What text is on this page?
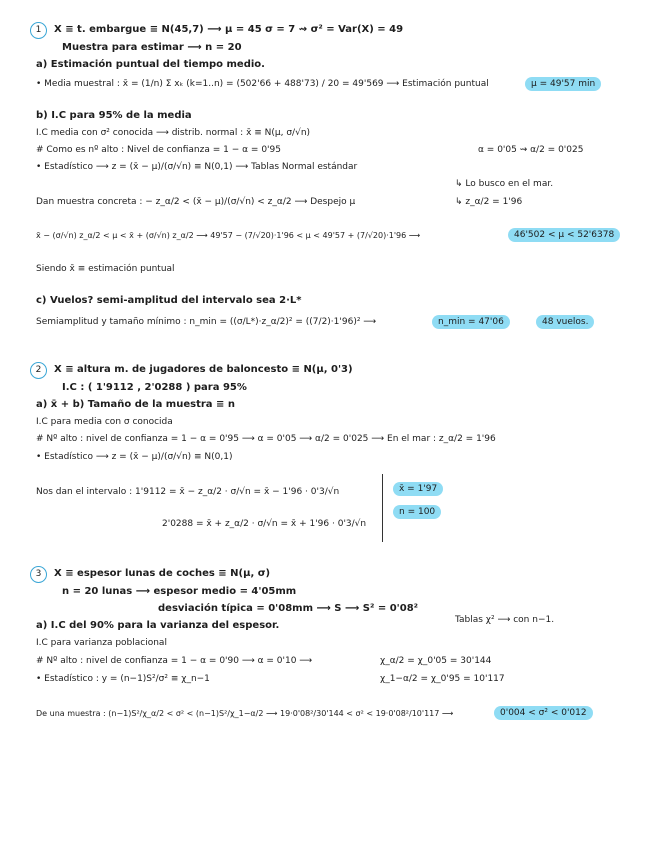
1	X ≡ t. embargue ≡ N(45,7) ⟶ μ = 45 σ = 7 ⇝ σ² = Var(X) = 49
Muestra para estimar ⟶ n = 20
a) Estimación puntual del tiempo medio.
• Media muestral : x̄ = (1/n) Σ xₖ (k=1..n) = (502'66 + 488'73) / 20 = 49'569 ⟶ Estimación puntual	μ = 49'57 min
b) I.C para 95% de la media
I.C media con σ² conocida ⟶ distrib. normal : x̄ ≡ N(μ, σ/√n)
# Como es nº alto : Nivel de confianza = 1 − α = 0'95	α = 0'05 ⇝ α/2 = 0'025
• Estadístico ⟶ z = (x̄ − μ)/(σ/√n) ≡ N(0,1) ⟶ Tablas Normal estándar
↳ Lo busco en el mar.
Dan muestra concreta : − z_α/2 < (x̄ − μ)/(σ/√n) < z_α/2 ⟶ Despejo μ	↳ z_α/2 = 1'96
x̄ − (σ/√n) z_α/2 < μ < x̄ + (σ/√n) z_α/2 ⟶ 49'57 − (7/√20)·1'96 < μ < 49'57 + (7/√20)·1'96 ⟶	46'502 < μ < 52'6378
Siendo x̄ ≡ estimación puntual
c) Vuelos? semi-amplitud del intervalo sea 2·L*
Semiamplitud y tamaño mínimo : n_min = ((σ/L*)·z_α/2)² = ((7/2)·1'96)² ⟶	n_min = 47'06	48 vuelos.
2	X ≡ altura m. de jugadores de baloncesto ≡ N(μ, 0'3)
I.C : ( 1'9112 , 2'0288 ) para 95%
a) x̄ + b) Tamaño de la muestra ≡ n
I.C para media con σ conocida
# Nº alto : nivel de confianza = 1 − α = 0'95 ⟶ α = 0'05 ⟶ α/2 = 0'025 ⟶ En el mar : z_α/2 = 1'96
• Estadístico ⟶ z = (x̄ − μ)/(σ/√n) ≡ N(0,1)
Nos dan el intervalo : 1'9112 = x̄ − z_α/2 · σ/√n = x̄ − 1'96 · 0'3/√n
2'0288 = x̄ + z_α/2 · σ/√n = x̄ + 1'96 · 0'3/√n
x̄ = 1'97
n = 100
3	X ≡ espesor lunas de coches ≡ N(μ, σ)
n = 20 lunas ⟶ espesor medio = 4'05mm
desviación típica = 0'08mm ⟶ S ⟶ S² = 0'08²
Tablas χ² ⟶ con n−1.
a) I.C del 90% para la varianza del espesor.
I.C para varianza poblacional
# Nº alto : nivel de confianza = 1 − α = 0'90 ⟶ α = 0'10 ⟶	χ_α/2 = χ_0'05 = 30'144
• Estadístico : y = (n−1)S²/σ² ≡ χ_n−1	χ_1−α/2 = χ_0'95 = 10'117
De una muestra : (n−1)S²/χ_α/2 < σ² < (n−1)S²/χ_1−α/2 ⟶ 19·0'08²/30'144 < σ² < 19·0'08²/10'117 ⟶	0'004 < σ² < 0'012
